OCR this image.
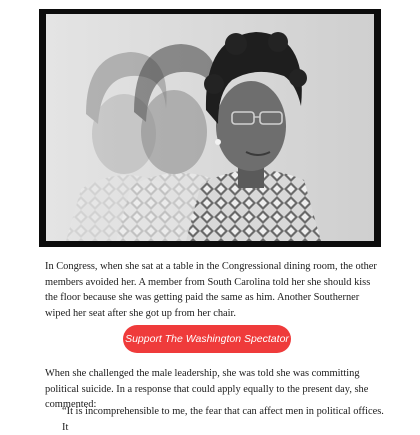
In Congress, when she sat at a table in the Congressional dining room, the other members avoided her. A member from South Carolina told her she should kiss the floor because she was getting paid the same as him. Another Southerner wiped her seat after she got up from her chair.

Support The Washington Spectator

When she challenged the male leadership, she was told she was committing political suicide. In a response that could apply equally to the present day, she commented:

“It is incomprehensible to me, the fear that can affect men in political offices. It
